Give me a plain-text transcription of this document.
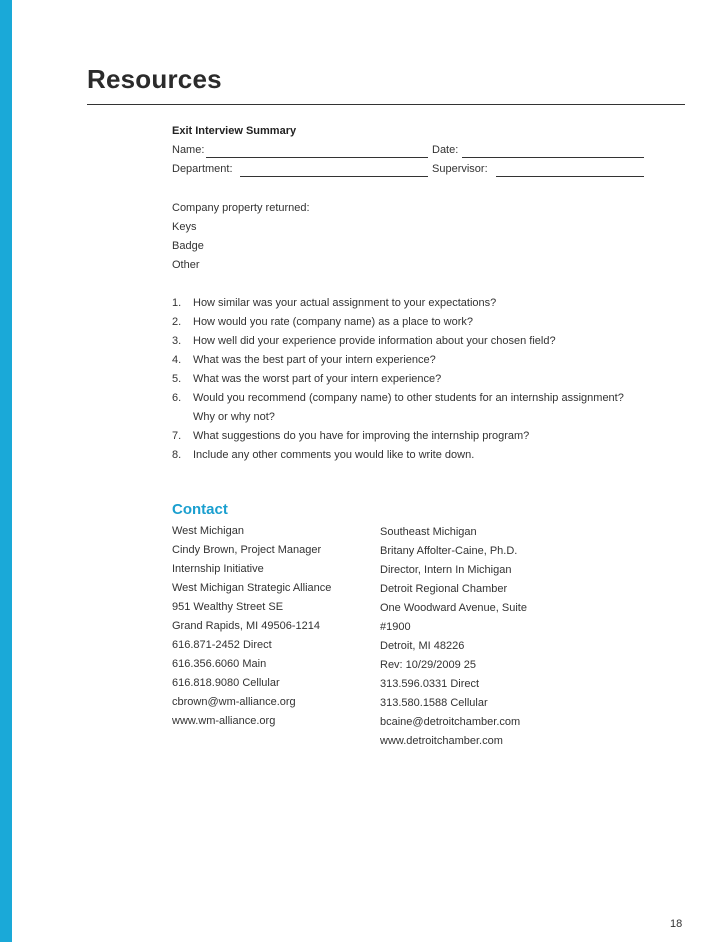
Resources
Exit Interview Summary
Name:	Date:
Department:	Supervisor:
Company property returned:
Keys
Badge
Other
1. How similar was your actual assignment to your expectations?
2. How would you rate (company name) as a place to work?
3. How well did your experience provide information about your chosen field?
4. What was the best part of your intern experience?
5. What was the worst part of your intern experience?
6. Would you recommend (company name) to other students for an internship assignment?
Why or why not?
7. What suggestions do you have for improving the internship program?
8. Include any other comments you would like to write down.
Contact
West Michigan
Cindy Brown, Project Manager
Internship Initiative
West Michigan Strategic Alliance
951 Wealthy Street SE
Grand Rapids, MI 49506-1214
616.871-2452 Direct
616.356.6060 Main
616.818.9080 Cellular
cbrown@wm-alliance.org
www.wm-alliance.org
Southeast Michigan
Britany Affolter-Caine, Ph.D.
Director, Intern In Michigan
Detroit Regional Chamber
One Woodward Avenue, Suite
#1900
Detroit, MI 48226
Rev: 10/29/2009 25
313.596.0331 Direct
313.580.1588 Cellular
bcaine@detroitchamber.com
www.detroitchamber.com
18
